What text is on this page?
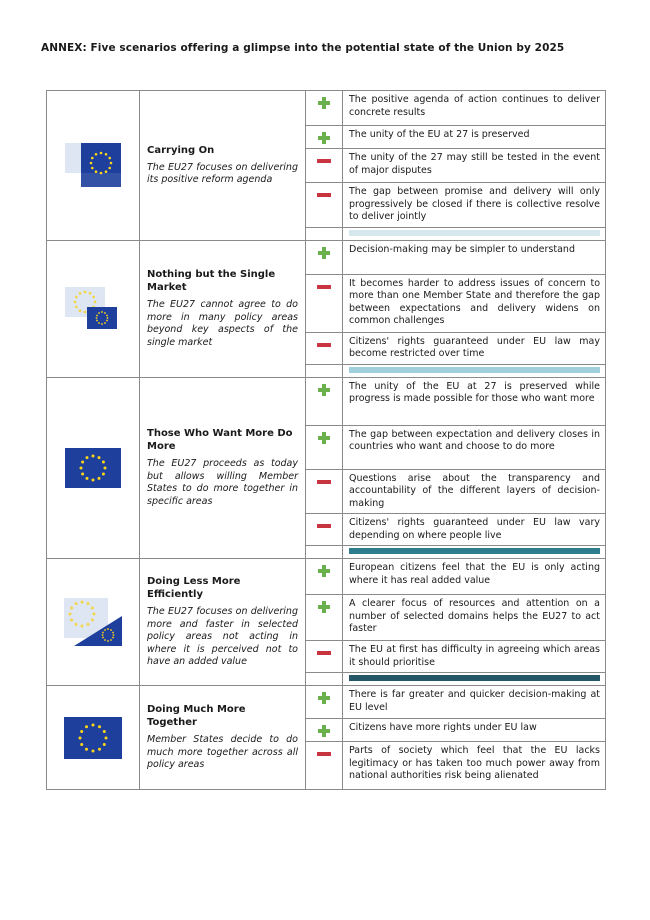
ANNEX: Five scenarios offering a glimpse into the potential state of the Union by 2025

Carrying On
The EU27 focuses on delivering its positive reform agenda		The positive agenda of action continues to deliver concrete results
			The unity of the EU at 27 is preserved
			The unity of the 27 may still be tested in the event of major disputes
			The gap between promise and delivery will only progressively be closed if there is collective resolve to deliver jointly

Nothing but the Single Market
The EU27 cannot agree to do more in many policy areas beyond key aspects of the single market		Decision-making may be simpler to understand
			It becomes harder to address issues of concern to more than one Member State and therefore the gap between expectations and delivery widens on common challenges
			Citizens' rights guaranteed under EU law may become restricted over time

Those Who Want More Do More
The EU27 proceeds as today but allows willing Member States to do more together in specific areas		The unity of the EU at 27 is preserved while progress is made possible for those who want more
			The gap between expectation and delivery closes in countries who want and choose to do more
			Questions arise about the transparency and accountability of the different layers of decision-making
			Citizens' rights guaranteed under EU law vary depending on where people live

Doing Less More Efficiently
The EU27 focuses on delivering more and faster in selected policy areas not acting in where it is perceived not to have an added value		European citizens feel that the EU is only acting where it has real added value
			A clearer focus of resources and attention on a number of selected domains helps the EU27 to act faster
			The EU at first has difficulty in agreeing which areas it should prioritise

Doing Much More Together
Member States decide to do much more together across all policy areas		There is far greater and quicker decision-making at EU level
			Citizens have more rights under EU law
			Parts of society which feel that the EU lacks legitimacy or has taken too much power away from national authorities risk being alienated
